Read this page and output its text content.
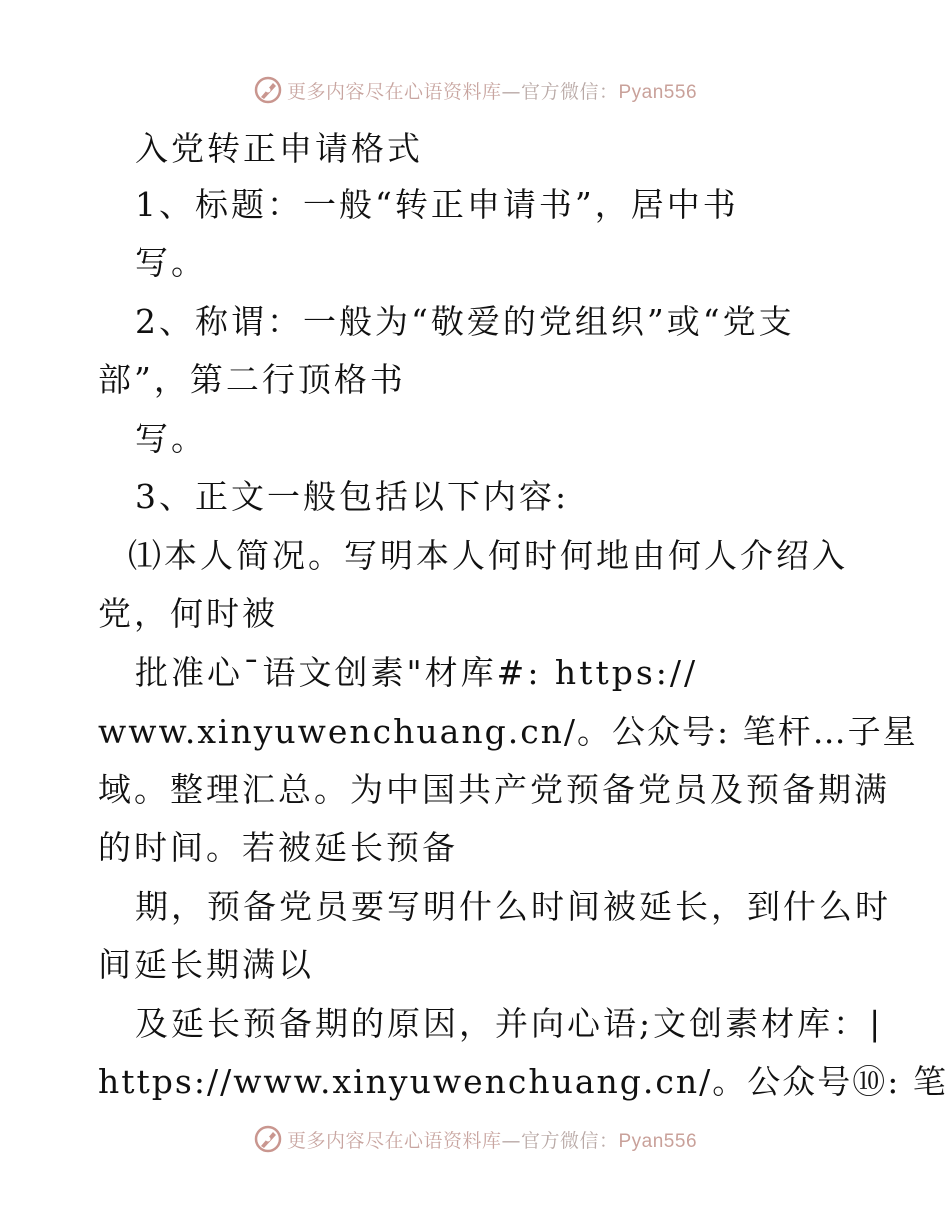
更多内容尽在心语资料库—官方微信：Pyan556
入党转正申请格式
1、标题：一般“转正申请书”，居中书
写。
2、称谓：一般为“敬爱的党组织”或“党支
部”，第二行顶格书
写。
3、正文一般包括以下内容:
⑴本人简况。写明本人何时何地由何人介绍入
党，何时被
批准心¯语文创素"材库#: https://
www.xinyuwenchuang.cn/。公众号: 笔杆…子星
域。整理汇总。为中国共产党预备党员及预备期满
的时间。若被延长预备
期，预备党员要写明什么时间被延长，到什么时
间延长期满以
及延长预备期的原因，并向心语;文创素材库：|
https://www.xinyuwenchuang.cn/。公众号⑩: 笔
更多内容尽在心语资料库—官方微信：Pyan556
